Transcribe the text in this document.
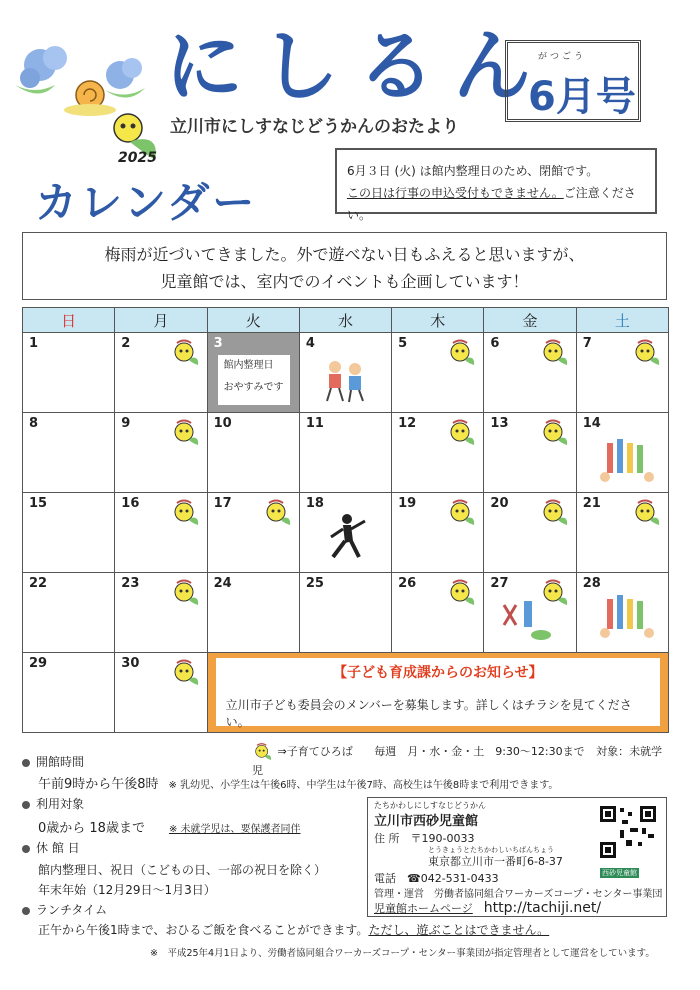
にしるん
がつごう
6月号
立川市にしすなじどうかんのおたより
2025
カレンダー
6月３日 (火) は館内整理日のため、閉館です。
この日は行事の申込受付もできません。ご注意ください。
梅雨が近づいてきました。外で遊べない日もふえると思いますが、
児童館では、室内でのイベントも企画しています！
日	月	火	水	木	金	土

1	2	3
館内整理日
おやすみです	4	5	6	7

8	9	10	11	12	13	14

15	16	17	18	19	20	21

22	23	24	25	26	27	28

29	30	【子ども育成課からのお知らせ】
立川市子ども委員会のメンバーを募集します。詳しくはチラシを見てください。				
⇒子育てひろば 毎週　月・水・金・土　9:30～12:30まで 対象：未就学児
開館時間
午前9時から午後8時 ※ 乳幼児、小学生は午後6時、中学生は午後7時、高校生は午後8時まで利用できます。
利用対象
0歳から 18歳まで ※ 未就学児は、要保護者同伴
休 館 日
館内整理日、祝日（こどもの日、一部の祝日を除く）
年末年始（12月29日～1月3日）
ランチタイム
正午から午後1時まで、おひるご飯を食べることができます。ただし、遊ぶことはできません。
たちかわしにしすなじどうかん
立川市西砂児童館
住 所　 〒190-0033
とうきょうとたちかわしいちばんちょう
東京都立川市一番町6-8-37
電話　 ☎042-531-0433
管理・運営　労働者協同組合ワーカーズコープ・センター事業団
児童館ホームページ　 http://tachiji.net/
西砂児童館
※　平成25年4月1日より、労働者協同組合ワーカーズコープ・センター事業団が指定管理者として運営をしています。
